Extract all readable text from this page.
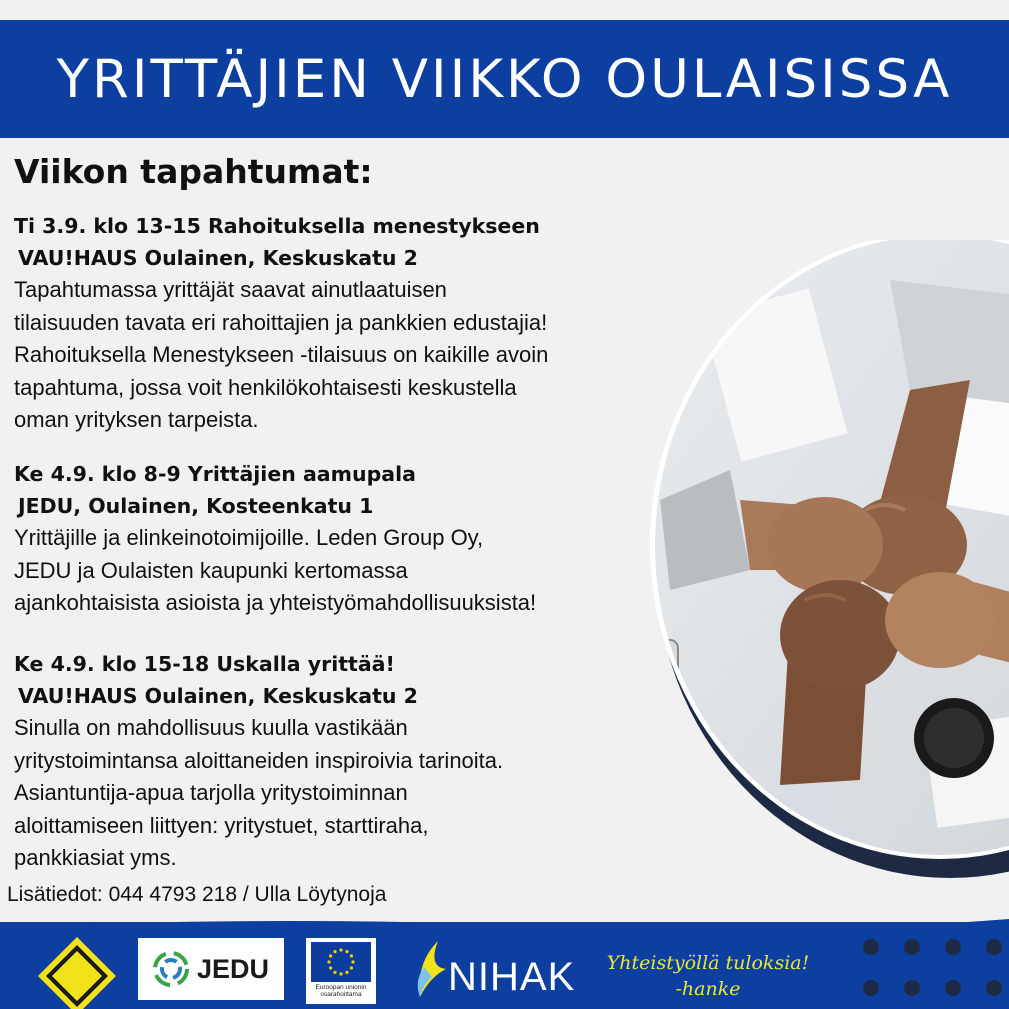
YRITTÄJIEN VIIKKO OULAISISSA
Viikon tapahtumat:
Ti 3.9. klo 13-15 Rahoituksella menestykseen
VAU!HAUS Oulainen, Keskuskatu 2
Tapahtumassa yrittäjät saavat ainutlaatuisen
tilaisuuden tavata eri rahoittajien ja pankkien edustajia!
Rahoituksella Menestykseen -tilaisuus on kaikille avoin
tapahtuma, jossa voit henkilökohtaisesti keskustella
oman yrityksen tarpeista.
Ke 4.9. klo 8-9 Yrittäjien aamupala
JEDU, Oulainen, Kosteenkatu 1
Yrittäjille ja elinkeinotoimijoille. Leden Group Oy,
JEDU ja Oulaisten kaupunki kertomassa
ajankohtaisista asioista ja yhteistyömahdollisuuksista!
Ke 4.9. klo 15-18 Uskalla yrittää!
VAU!HAUS Oulainen, Keskuskatu 2
Sinulla on mahdollisuus kuulla vastikään
yritystoimintansa aloittaneiden inspiroivia tarinoita.
Asiantuntija-apua tarjolla yritystoiminnan
aloittamiseen liittyen: yritystuet, starttiraha,
pankkiasiat yms.
Lisätiedot: 044 4793 218 / Ulla Löytynoja
JEDU
Euroopan unionin osarahoittama	NIHAK	Yhteistyöllä tuloksia!
-hanke
